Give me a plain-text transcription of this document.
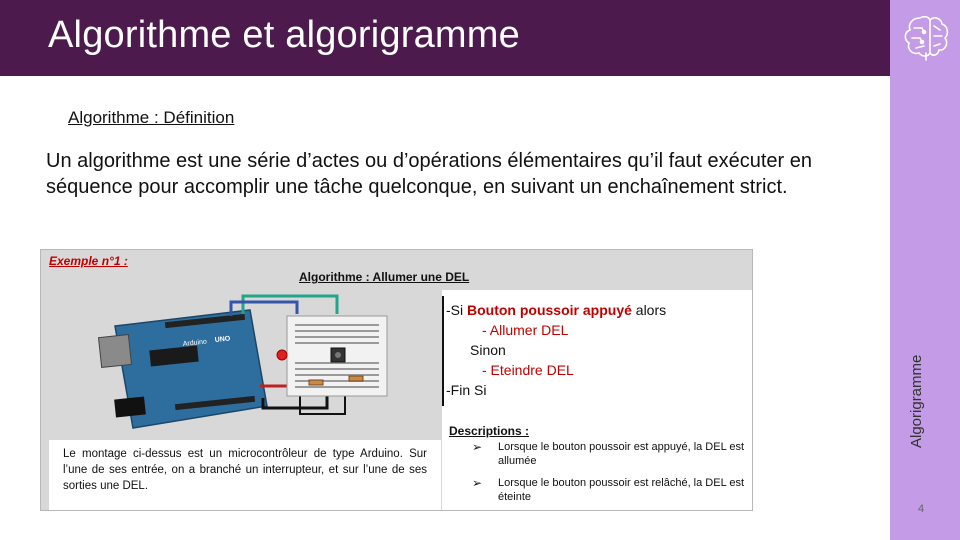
Algorithme et algorigramme
Algorigramme
4
Algorithme : Définition
Un algorithme est une série d’actes ou d’opérations élémentaires qu’il faut exécuter en séquence pour accomplir une tâche quelconque, en suivant un enchaînement strict.
Exemple n°1 :
Algorithme : Allumer une DEL
Arduino UNO
-Si Bouton poussoir appuyé alors
- Allumer DEL
Sinon
- Eteindre DEL
-Fin Si
Descriptions :
➢ Lorsque le bouton poussoir est appuyé, la DEL est allumée
➢ Lorsque le bouton poussoir est relâché, la DEL est éteinte
Le montage ci-dessus est un microcontrôleur de type Arduino. Sur l’une de ses entrée, on a branché un interrupteur, et sur l’une de ses sorties une DEL.
